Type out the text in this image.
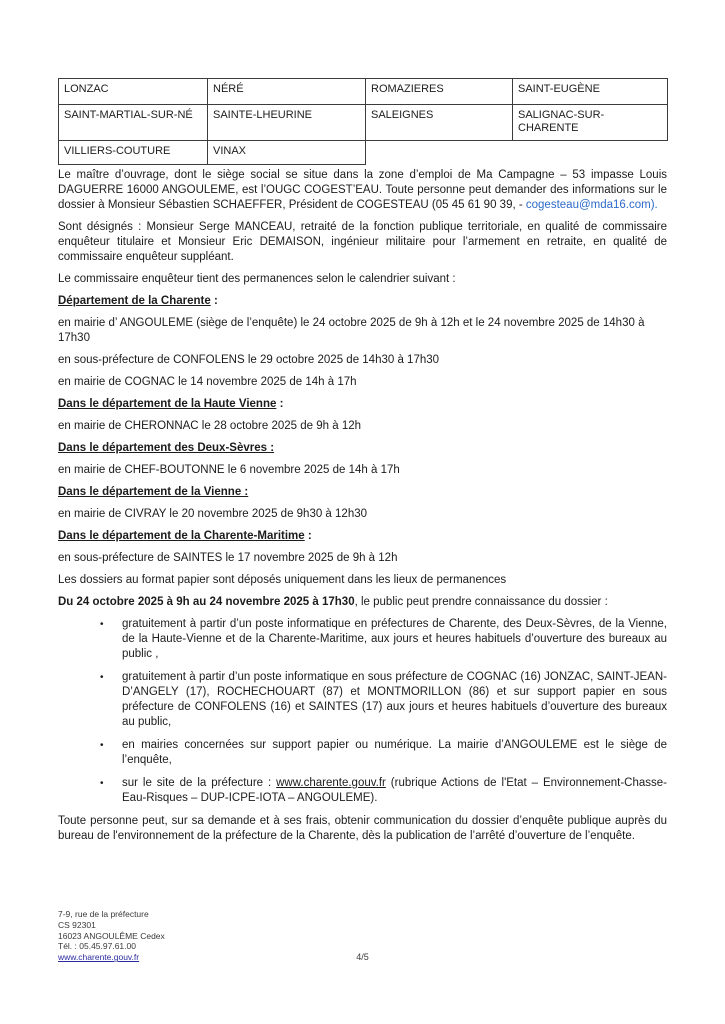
LONZAC	NÉRÉ	ROMAZIERES	SAINT-EUGÈNE
SAINT-MARTIAL-SUR-NÉ	SAINTE-LHEURINE	SALEIGNES	SALIGNAC-SUR-CHARENTE
VILLIERS-COUTURE	VINAX		

Le maître d’ouvrage, dont le siège social se situe dans la zone d’emploi de Ma Campagne – 53 impasse Louis DAGUERRE 16000 ANGOULEME, est l’OUGC COGEST’EAU. Toute personne peut demander des informations sur le dossier à Monsieur Sébastien SCHAEFFER, Président de COGESTEAU (05 45 61 90 39, - cogesteau@mda16.com).

Sont désignés : Monsieur Serge MANCEAU, retraité de la fonction publique territoriale, en qualité de commissaire enquêteur titulaire et Monsieur Eric DEMAISON, ingénieur militaire pour l’armement en retraite, en qualité de commissaire enquêteur suppléant.

Le commissaire enquêteur tient des permanences selon le calendrier suivant :

Département de la Charente :

en mairie d’ ANGOULEME (siège de l’enquête) le 24 octobre 2025 de 9h à 12h et le 24 novembre 2025 de 14h30 à 17h30

en sous-préfecture de CONFOLENS le 29 octobre 2025 de 14h30 à 17h30

en mairie de COGNAC le 14 novembre 2025 de 14h à 17h

Dans le département de la Haute Vienne :

en mairie de CHERONNAC le 28 octobre 2025 de 9h à 12h

Dans le département des Deux-Sèvres :

en mairie de CHEF-BOUTONNE le 6 novembre 2025 de 14h à 17h

Dans le département de la Vienne :

en mairie de CIVRAY le 20 novembre 2025 de 9h30 à 12h30

Dans le département de la Charente-Maritime :

en sous-préfecture de SAINTES le 17 novembre 2025 de 9h à 12h

Les dossiers au format papier sont déposés uniquement dans les lieux de permanences

Du 24 octobre 2025 à 9h au 24 novembre 2025 à 17h30, le public peut prendre connaissance du dossier :

• gratuitement à partir d’un poste informatique en préfectures de Charente, des Deux-Sèvres, de la Vienne, de la Haute-Vienne et de la Charente-Maritime, aux jours et heures habituels d’ouverture des bureaux au public ,
• gratuitement à partir d’un poste informatique en sous préfecture de COGNAC (16) JONZAC, SAINT-JEAN-D’ANGELY (17), ROCHECHOUART (87) et MONTMORILLON (86) et sur support papier en sous préfecture de CONFOLENS (16) et SAINTES (17) aux jours et heures habituels d’ouverture des bureaux au public,
• en mairies concernées sur support papier ou numérique. La mairie d’ANGOULEME est le siège de l’enquête,
• sur le site de la préfecture : www.charente.gouv.fr (rubrique Actions de l'Etat – Environnement-Chasse-Eau-Risques – DUP-ICPE-IOTA – ANGOULEME).

Toute personne peut, sur sa demande et à ses frais, obtenir communication du dossier d’enquête publique auprès du bureau de l'environnement de la préfecture de la Charente, dès la publication de l’arrêté d’ouverture de l’enquête.

7-9, rue de la préfecture
CS 92301
16023 ANGOULÊME Cedex
Tél. : 05.45.97.61.00
www.charente.gouv.fr	4/5
